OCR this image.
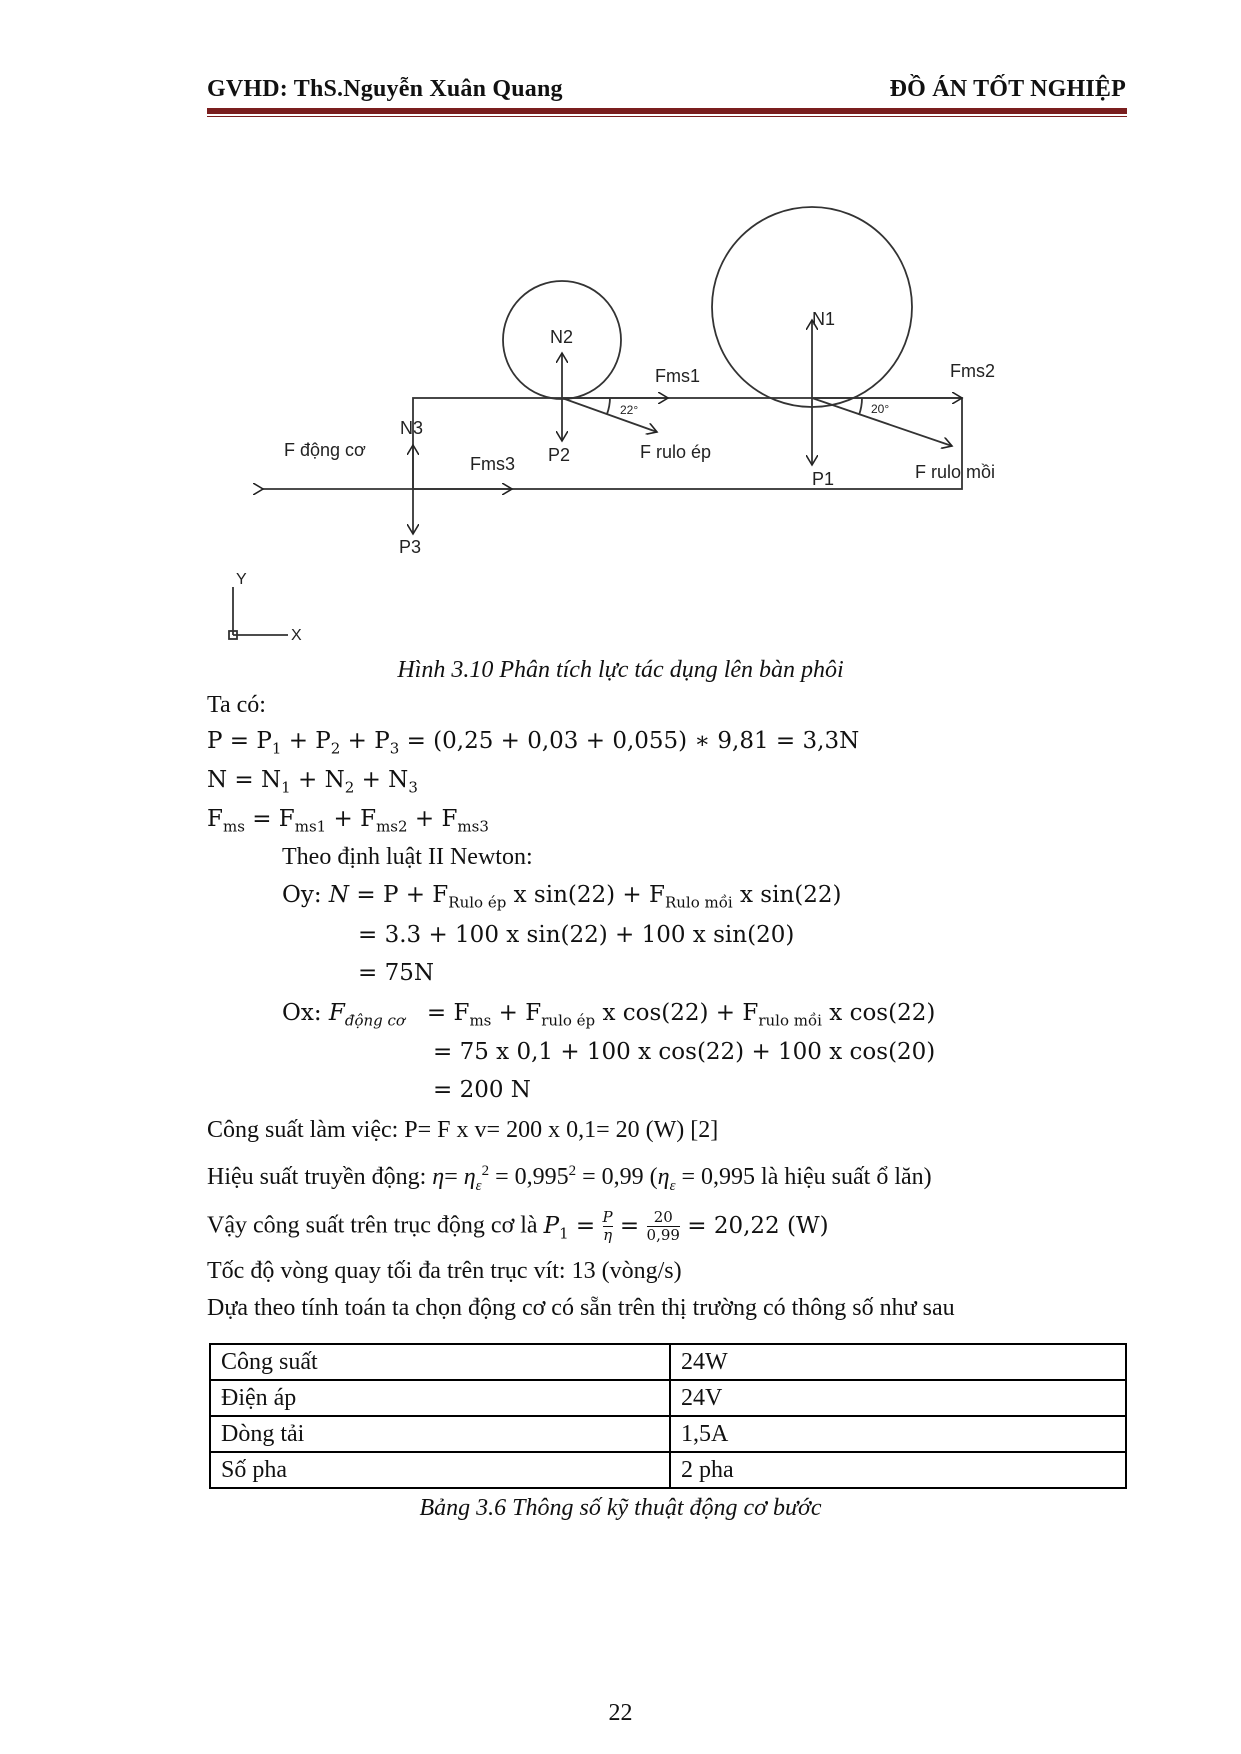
GVHD: ThS.Nguyễn Xuân Quang	ĐỒ ÁN TỐT NGHIỆP
N2
N1
N3
P2
P1
P3
Fms1	Fms2
Fms3
F động cơ	F rulo ép
F rulo mồi
Y
X
22°	20°
Hình 3.10 Phân tích lực tác dụng lên bàn phôi
Ta có:
$P = P_1 + P_2 + P_3 = (0,25 + 0,03 + 0,055)$ ∗ 9,81 = 3,3N
$N = N_1 + N_2 + N_3$
$F_{ms} = F_{ms1} + F_{ms2} + F_{ms3}$
Theo định luật II Newton:
Oy: $N = P + F_{Rulo ép}$ x $\sin(22) + F_{Rulo mồi}$ x sin(22)
= 3.3 + 100 x sin(22) + 100 x sin(20)
= 75N
Ox: $F_{động cơ} = F_{ms} + F_{rulo ép}$ x $\cos(22) + F_{rulo mồi}$ x cos(22)
= 75 x 0,1 + 100 x cos(22) + 100 x cos(20)
= 200 N
Công suất làm việc: P= F x v= 200 x 0,1= 20 (W) [2]
Hiệu suất truyền động: $\eta= \eta_\varepsilon^2 = 0,995^2 = 0,99$ ($\eta_\varepsilon = 0,995$ là hiệu suất ổ lăn)
Vậy công suất trên trục động cơ là $P_1 = \frac{P}{\eta} = \frac{20}{0,99} = 20,22$ (W)
Tốc độ vòng quay tối đa trên trục vít: 13 (vòng/s)
Dựa theo tính toán ta chọn động cơ có sẵn trên thị trường có thông số như sau
Công suất	24W
Điện áp	24V
Dòng tải	1,5A
Số pha	2 pha
Bảng 3.6 Thông số kỹ thuật động cơ bước
22
